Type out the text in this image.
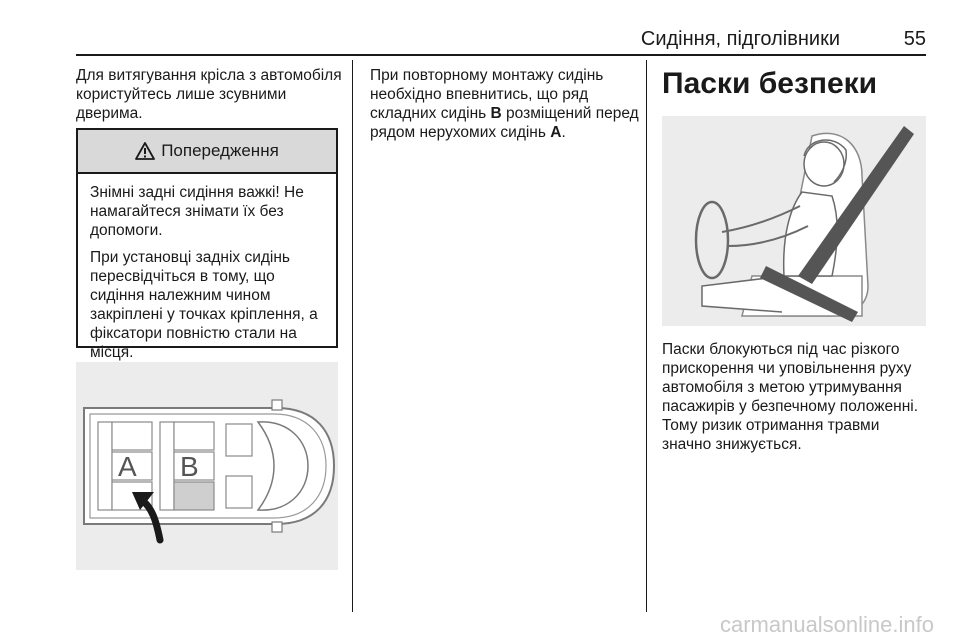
Сидіння, підголівники	55

Для витягування крісла з автомобіля користуйтесь лише зсувними дверима.

Попередження

Знімні задні сидіння важкі! Не намагайтеся знімати їх без допомоги.

При установці задніх сидінь пересвідчіться в тому, що сидіння належним чином закріплені у точках кріплення, а фіксатори повністю стали на місця.

A B

При повторному монтажу сидінь необхідно впевнитись, що ряд складних сидінь B розміщений перед рядом нерухомих сидінь A.

Паски безпеки

Паски блокуються під час різкого прискорення чи уповільнення руху автомобіля з метою утримування пасажирів у безпечному положенні. Тому ризик отримання травми значно знижується.

carmanualsonline.info
